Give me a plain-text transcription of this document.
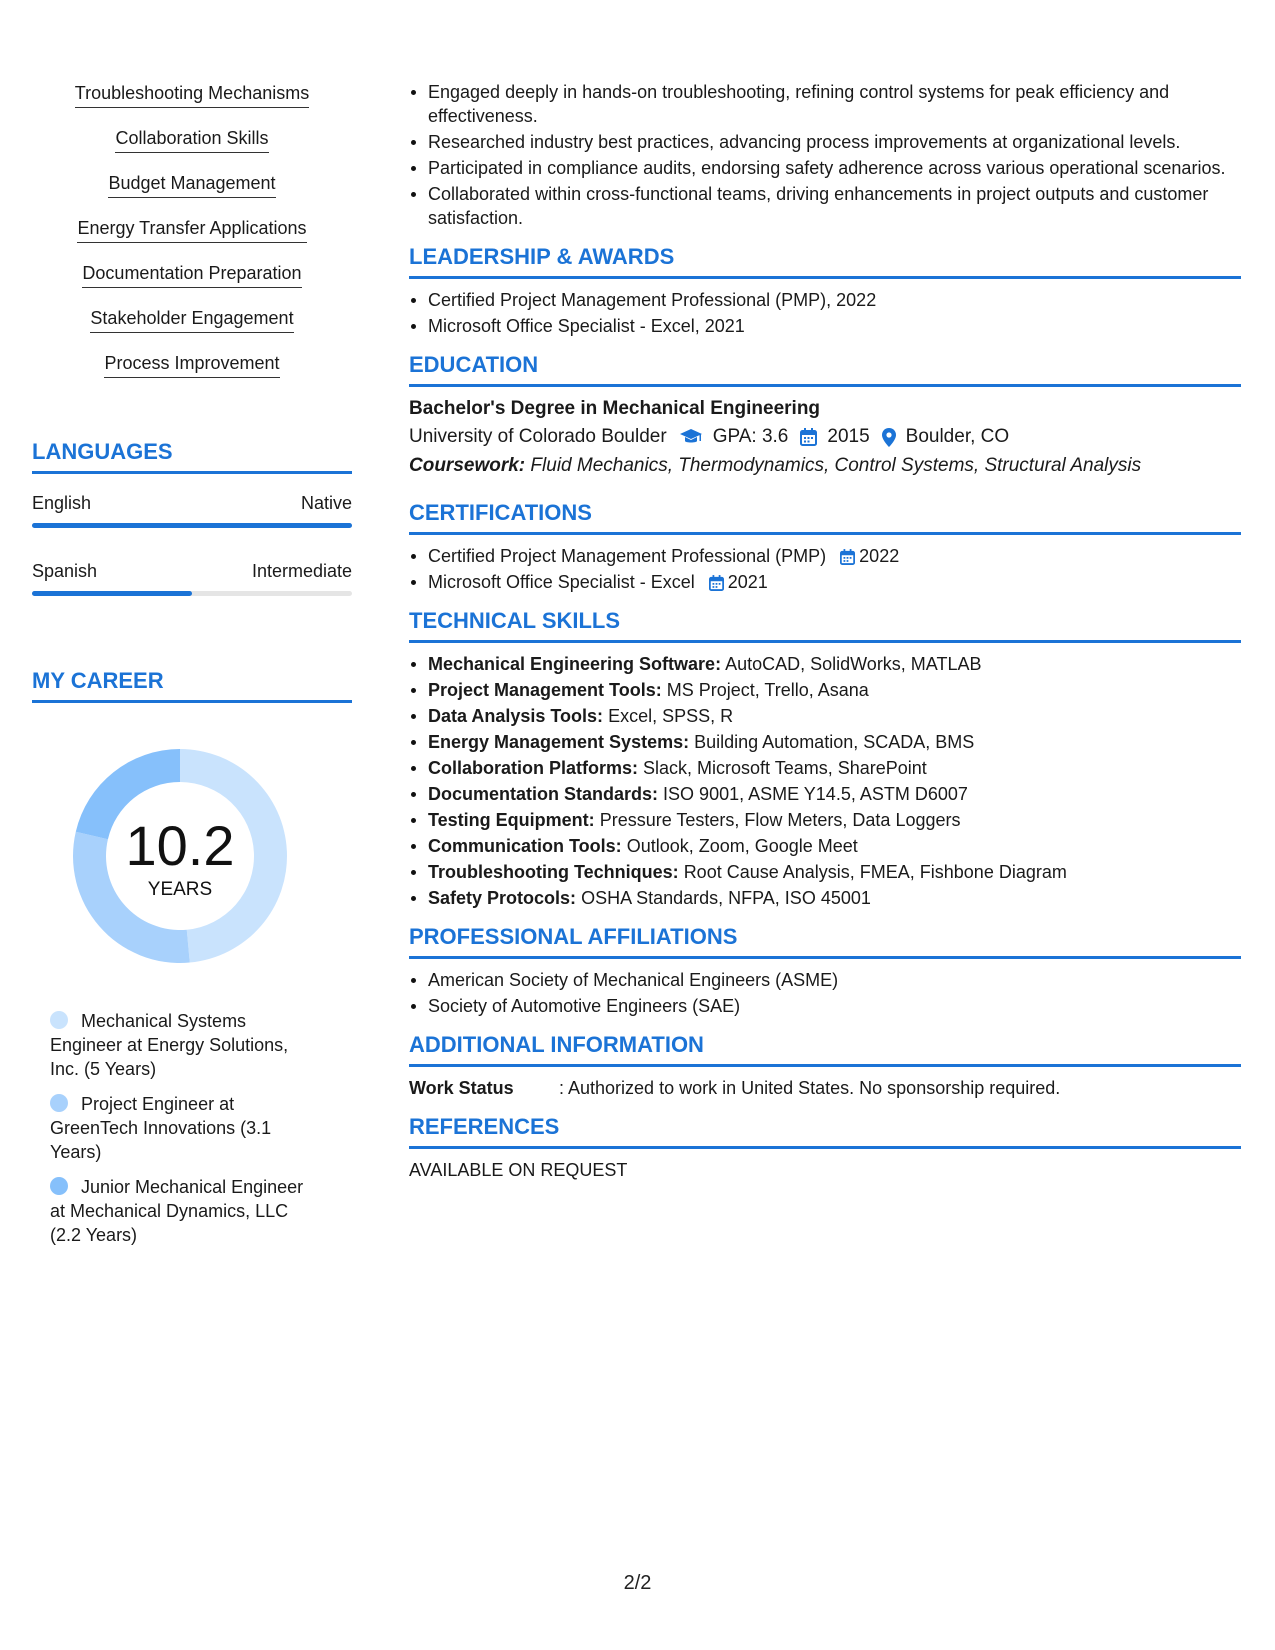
Troubleshooting Mechanisms
Collaboration Skills
Budget Management
Energy Transfer Applications
Documentation Preparation
Stakeholder Engagement
Process Improvement
LANGUAGES
English	Native
Spanish	Intermediate
MY CAREER
10.2
YEARS
Mechanical Systems Engineer at Energy Solutions, Inc. (5 Years)
Project Engineer at GreenTech Innovations (3.1 Years)
Junior Mechanical Engineer at Mechanical Dynamics, LLC (2.2 Years)
Engaged deeply in hands-on troubleshooting, refining control systems for peak efficiency and effectiveness.
Researched industry best practices, advancing process improvements at organizational levels.
Participated in compliance audits, endorsing safety adherence across various operational scenarios.
Collaborated within cross-functional teams, driving enhancements in project outputs and customer satisfaction.
LEADERSHIP & AWARDS
Certified Project Management Professional (PMP), 2022
Microsoft Office Specialist - Excel, 2021
EDUCATION
Bachelor's Degree in Mechanical Engineering
University of Colorado Boulder GPA: 3.6 2015 Boulder, CO
Coursework: Fluid Mechanics, Thermodynamics, Control Systems, Structural Analysis
CERTIFICATIONS
Certified Project Management Professional (PMP) 2022
Microsoft Office Specialist - Excel 2021
TECHNICAL SKILLS
Mechanical Engineering Software: AutoCAD, SolidWorks, MATLAB
Project Management Tools: MS Project, Trello, Asana
Data Analysis Tools: Excel, SPSS, R
Energy Management Systems: Building Automation, SCADA, BMS
Collaboration Platforms: Slack, Microsoft Teams, SharePoint
Documentation Standards: ISO 9001, ASME Y14.5, ASTM D6007
Testing Equipment: Pressure Testers, Flow Meters, Data Loggers
Communication Tools: Outlook, Zoom, Google Meet
Troubleshooting Techniques: Root Cause Analysis, FMEA, Fishbone Diagram
Safety Protocols: OSHA Standards, NFPA, ISO 45001
PROFESSIONAL AFFILIATIONS
American Society of Mechanical Engineers (ASME)
Society of Automotive Engineers (SAE)
ADDITIONAL INFORMATION
Work Status	: Authorized to work in United States. No sponsorship required.
REFERENCES
AVAILABLE ON REQUEST
2/2
